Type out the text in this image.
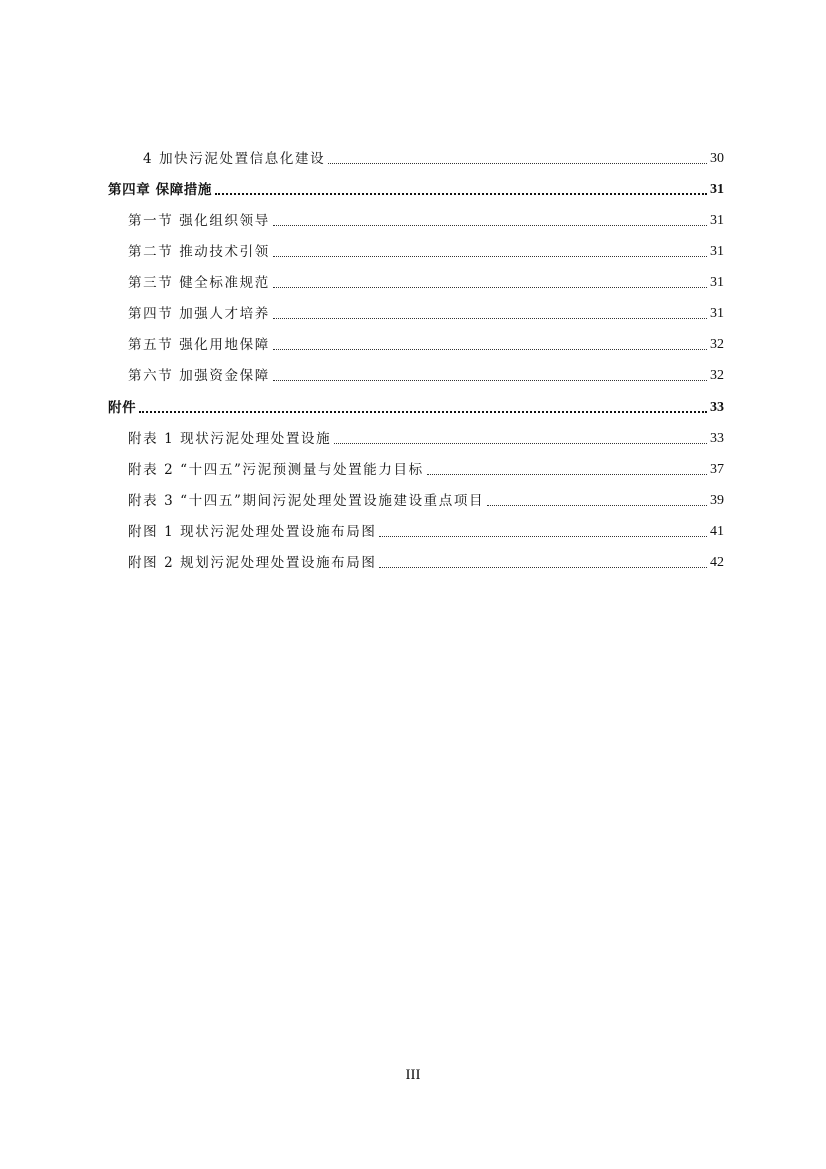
4 加快污泥处置信息化建设	30
第四章 保障措施	31
第一节 强化组织领导	31
第二节 推动技术引领	31
第三节 健全标准规范	31
第四节 加强人才培养	31
第五节 强化用地保障	32
第六节 加强资金保障	32
附件	33
附表 1 现状污泥处理处置设施	33
附表 2 “十四五”污泥预测量与处置能力目标	37
附表 3 “十四五”期间污泥处理处置设施建设重点项目	39
附图 1 现状污泥处理处置设施布局图	41
附图 2 规划污泥处理处置设施布局图	42
III
